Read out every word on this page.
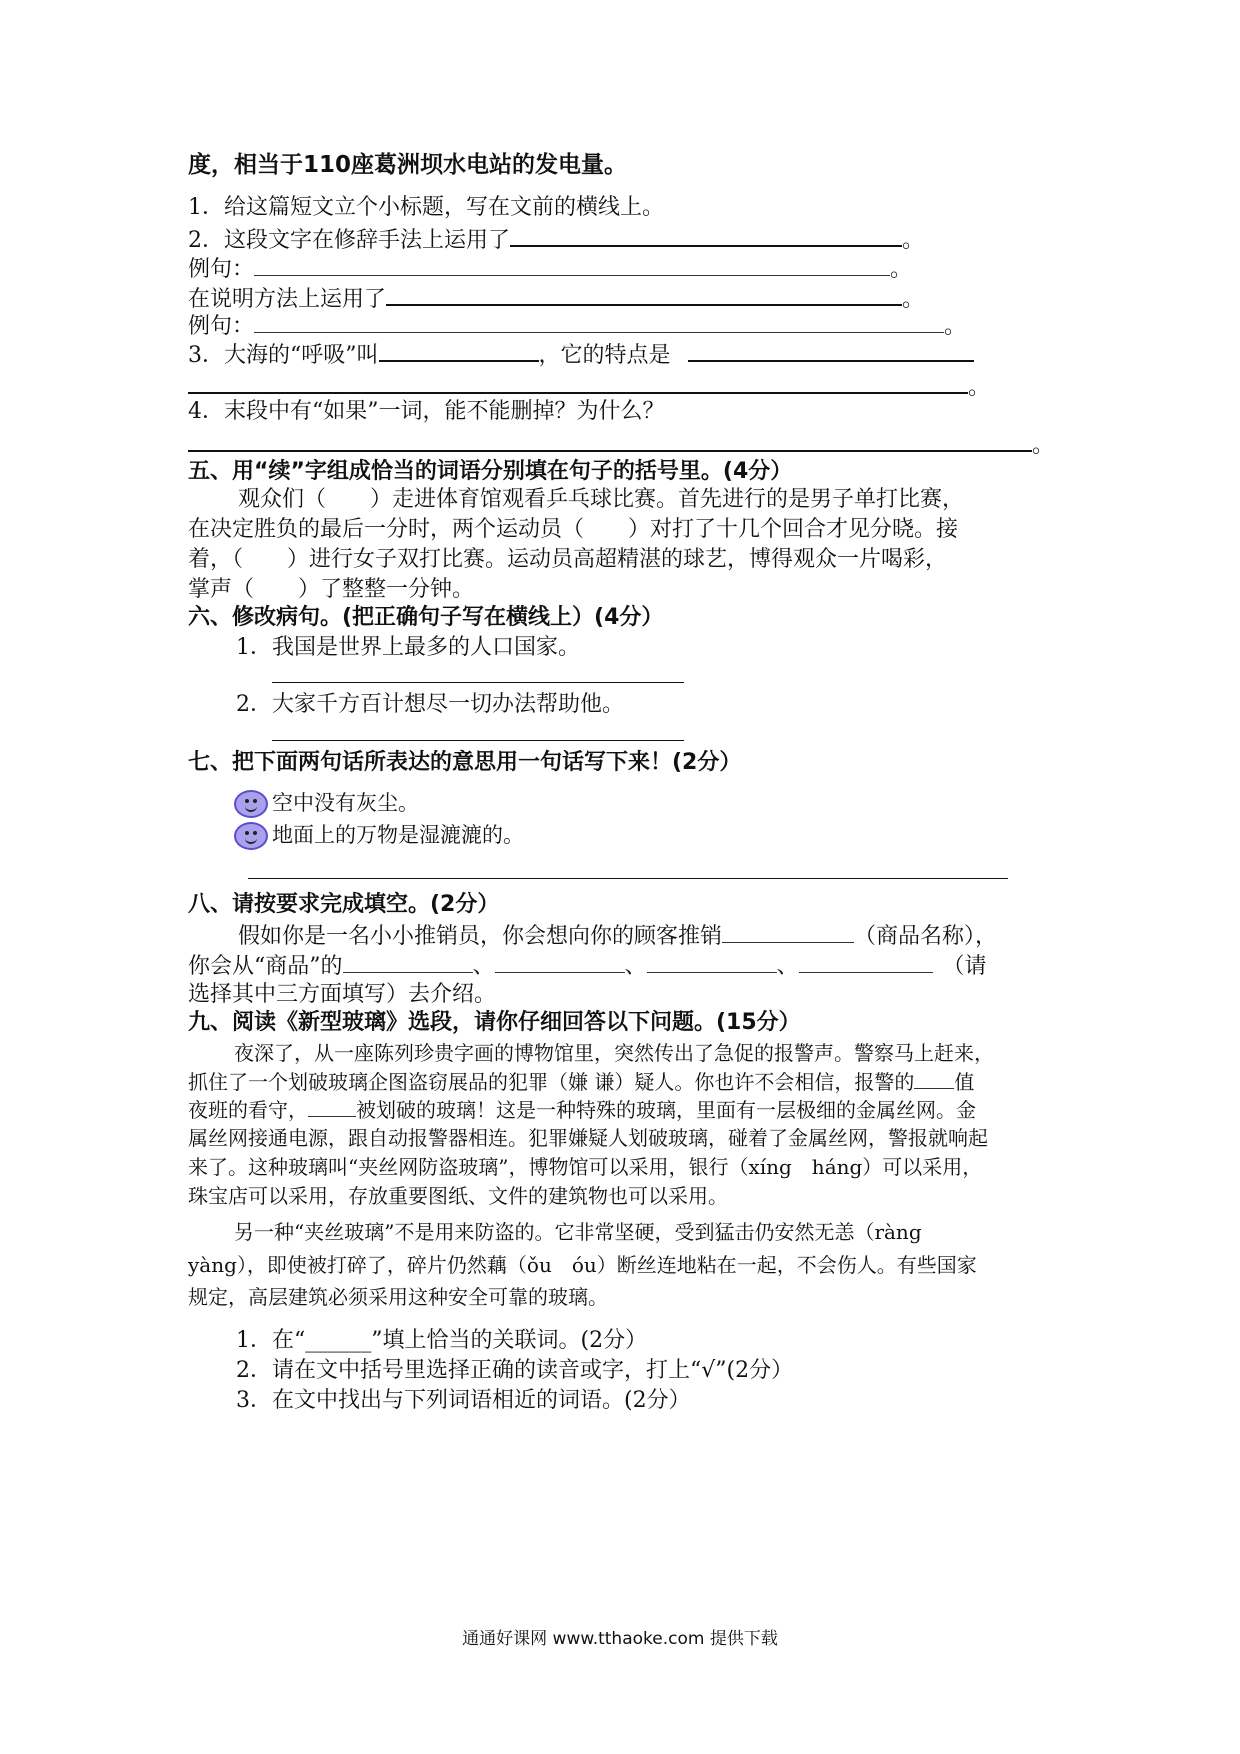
度，相当于110座葛洲坝水电站的发电量。
1．给这篇短文立个小标题，写在文前的横线上。
2．这段文字在修辞手法上运用了	。
例句：	。
在说明方法上运用了	。
例句：	。
3．大海的“呼吸”叫	，它的特点是
。
4．末段中有“如果”一词，能不能删掉？为什么？
。
五、用“续”字组成恰当的词语分别填在句子的括号里。(4分）
观众们（　　）走进体育馆观看乒乓球比赛。首先进行的是男子单打比赛，
在决定胜负的最后一分时，两个运动员（　　）对打了十几个回合才见分晓。接
着，（　　）进行女子双打比赛。运动员高超精湛的球艺，博得观众一片喝彩，
掌声（　　）了整整一分钟。
六、修改病句。(把正确句子写在横线上）(4分）
1．我国是世界上最多的人口国家。
2．大家千方百计想尽一切办法帮助他。
七、把下面两句话所表达的意思用一句话写下来！(2分）
空中没有灰尘。
地面上的万物是湿漉漉的。
八、请按要求完成填空。(2分）
假如你是一名小小推销员，你会想向你的顾客推销	（商品名称），
你会从“商品”的	、	、	、	（请
选择其中三方面填写）去介绍。
九、阅读《新型玻璃》选段，请你仔细回答以下问题。(15分）
夜深了，从一座陈列珍贵字画的博物馆里，突然传出了急促的报警声。警察马上赶来，
抓住了一个划破玻璃企图盗窃展品的犯罪（嫌 谦）疑人。你也许不会相信，报警的 值
夜班的看守， 被划破的玻璃！这是一种特殊的玻璃，里面有一层极细的金属丝网。金
属丝网接通电源，跟自动报警器相连。犯罪嫌疑人划破玻璃，碰着了金属丝网，警报就响起
来了。这种玻璃叫“夹丝网防盗玻璃”，博物馆可以采用，银行（xíng　háng）可以采用，
珠宝店可以采用，存放重要图纸、文件的建筑物也可以采用。
另一种“夹丝玻璃”不是用来防盗的。它非常坚硬，受到猛击仍安然无恙（ràng
yàng），即使被打碎了，碎片仍然藕（ǒu　óu）断丝连地粘在一起，不会伤人。有些国家
规定，高层建筑必须采用这种安全可靠的玻璃。
1．在“______”填上恰当的关联词。(2分）
2．请在文中括号里选择正确的读音或字，打上“√”(2分）
3．在文中找出与下列词语相近的词语。(2分）
通通好课网 www.tthaoke.com 提供下载
